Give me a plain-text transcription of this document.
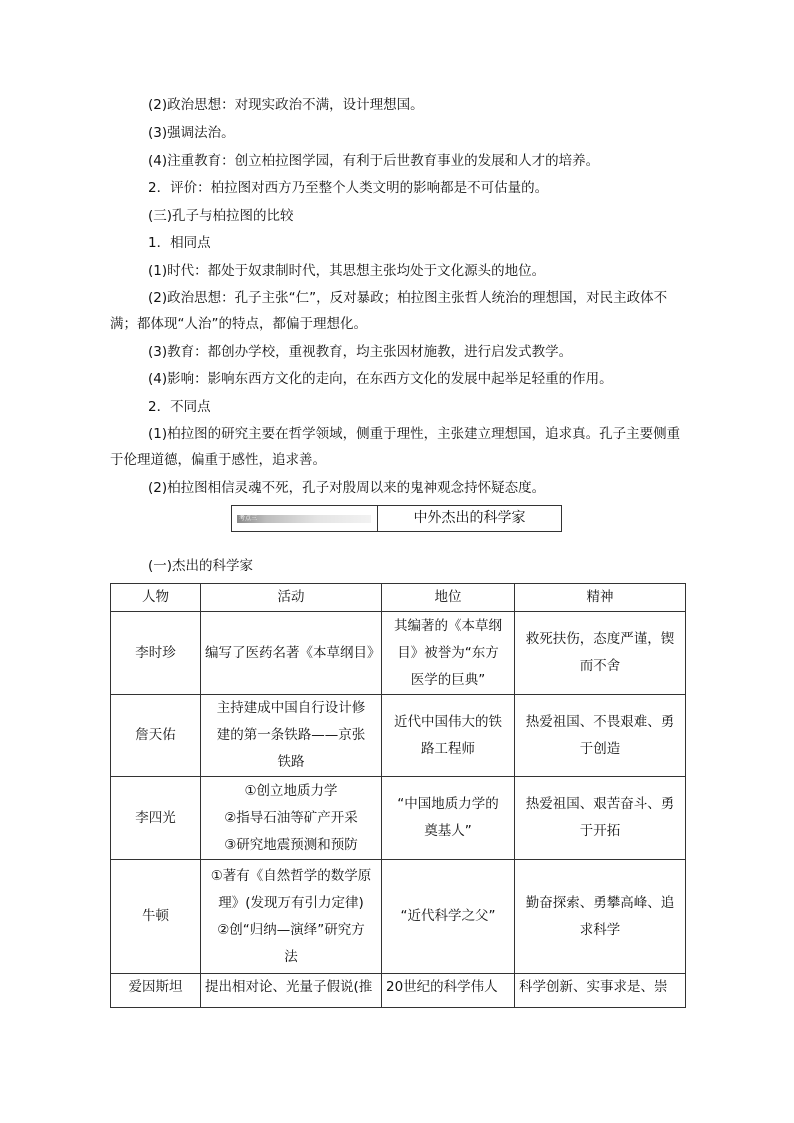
(2)政治思想：对现实政治不满，设计理想国。

(3)强调法治。

(4)注重教育：创立柏拉图学园，有利于后世教育事业的发展和人才的培养。

2．评价：柏拉图对西方乃至整个人类文明的影响都是不可估量的。

(三)孔子与柏拉图的比较

1．相同点

(1)时代：都处于奴隶制时代，其思想主张均处于文化源头的地位。

(2)政治思想：孔子主张“仁”，反对暴政；柏拉图主张哲人统治的理想国，对民主政体不满；都体现“人治”的特点，都偏于理想化。

(3)教育：都创办学校，重视教育，均主张因材施教，进行启发式教学。

(4)影响：影响东西方文化的走向，在东西方文化的发展中起举足轻重的作用。

2．不同点

(1)柏拉图的研究主要在哲学领域，侧重于理性，主张建立理想国，追求真。孔子主要侧重于伦理道德，偏重于感性，追求善。

(2)柏拉图相信灵魂不死，孔子对殷周以来的鬼神观念持怀疑态度。

考点三	中外杰出的科学家

(一)杰出的科学家

人物	活动	地位	精神
李时珍	编写了医药名著《本草纲目》	其编著的《本草纲
目》被誉为“东方
医学的巨典”	救死扶伤，态度严谨，锲
而不舍

詹天佑	主持建成中国自行设计修
建的第一条铁路——京张
铁路	近代中国伟大的铁
路工程师	热爱祖国、不畏艰难、勇
于创造

李四光	①创立地质力学
②指导石油等矿产开采
③研究地震预测和预防	“中国地质力学的
奠基人”	热爱祖国、艰苦奋斗、勇
于开拓

牛顿	①著有《自然哲学的数学原
理》(发现万有引力定律)
②创“归纳—演绎”研究方
法	“近代科学之父”	勤奋探索、勇攀高峰、追
求科学

爱因斯坦	提出相对论、光量子假说(推	20世纪的科学伟人	科学创新、实事求是、崇
